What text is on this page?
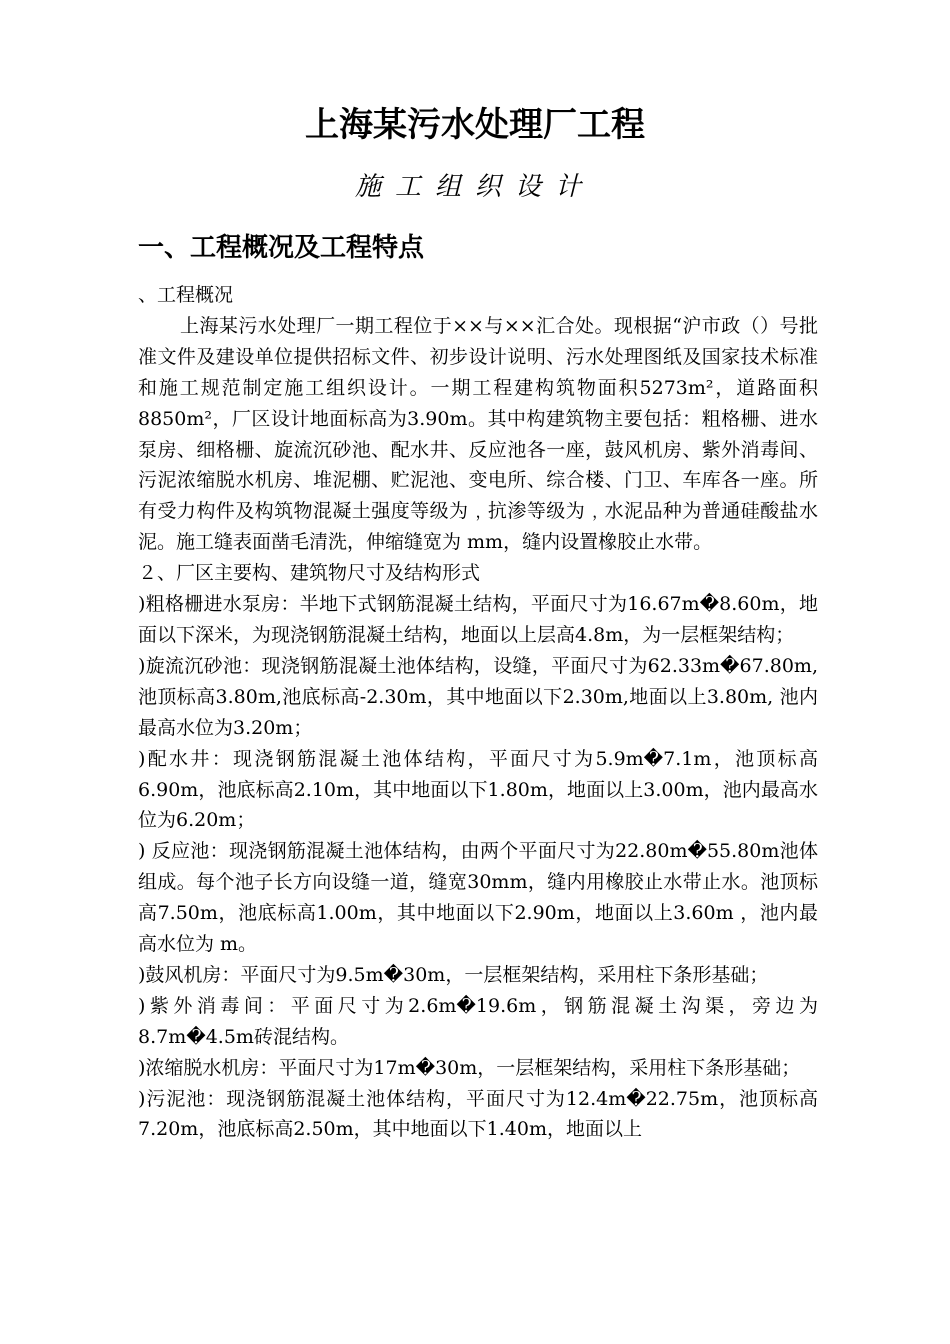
上海某污水处理厂工程
施工组织设计
一、工程概况及工程特点

、工程概况

上海某污水处理厂一期工程位于××与××汇合处。现根据“沪市政（）号批准文件及建设单位提供招标文件、初步设计说明、污水处理图纸及国家技术标准和施工规范制定施工组织设计。一期工程建构筑物面积5273m²，道路面积8850m²，厂区设计地面标高为3.90m。其中构建筑物主要包括：粗格栅、进水泵房、细格栅、旋流沉砂池、配水井、反应池各一座，鼓风机房、紫外消毒间、污泥浓缩脱水机房、堆泥棚、贮泥池、变电所、综合楼、门卫、车库各一座。所有受力构件及构筑物混凝土强度等级为﹐抗渗等级为﹐水泥品种为普通硅酸盐水泥。施工缝表面凿毛清洗，伸缩缝宽为 mm，缝内设置橡胶止水带。

２、厂区主要构、建筑物尺寸及结构形式

)粗格栅进水泵房：半地下式钢筋混凝土结构，平面尺寸为16.67m�8.60m，地面以下深米，为现浇钢筋混凝土结构，地面以上层高4.8m，为一层框架结构；

)旋流沉砂池：现浇钢筋混凝土池体结构，设缝，平面尺寸为62.33m�67.80m,池顶标高3.80m,池底标高-2.30m，其中地面以下2.30m,地面以上3.80m, 池内最高水位为3.20m；

)配水井：现浇钢筋混凝土池体结构，平面尺寸为5.9m�7.1m，池顶标高6.90m，池底标高2.10m，其中地面以下1.80m，地面以上3.00m，池内最高水位为6.20m；

) 反应池：现浇钢筋混凝土池体结构，由两个平面尺寸为22.80m�55.80m池体组成。每个池子长方向设缝一道，缝宽30mm，缝内用橡胶止水带止水。池顶标高7.50m，池底标高1.00m，其中地面以下2.90m，地面以上3.60m ，池内最高水位为 m。

)鼓风机房：平面尺寸为9.5m�30m，一层框架结构，采用柱下条形基础；

)紫外消毒间：平面尺寸为2.6m�19.6m，钢筋混凝土沟渠，旁边为8.7m�4.5m砖混结构。

)浓缩脱水机房：平面尺寸为17m�30m，一层框架结构，采用柱下条形基础；

)污泥池：现浇钢筋混凝土池体结构，平面尺寸为12.4m�22.75m，池顶标高7.20m，池底标高2.50m，其中地面以下1.40m，地面以上
